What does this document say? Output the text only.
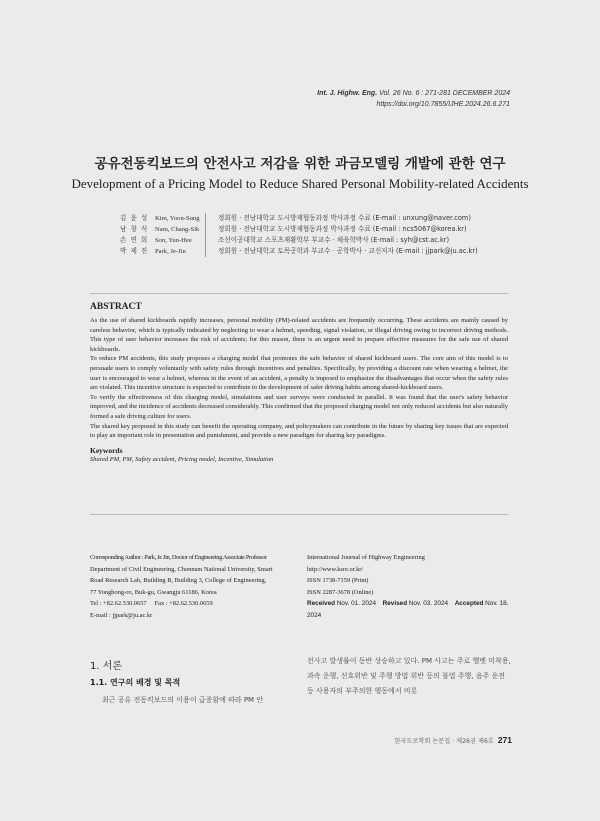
Int. J. Highw. Eng. Vol. 26 No. 6 : 271-281 DECEMBER 2024
https://doi.org/10.7855/IJHE.2024.26.6.271
공유전동킥보드의 안전사고 저감을 위한 과금모델링 개발에 관한 연구
Development of a Pricing Model to Reduce Shared Personal Mobility-related Accidents
김 윤 성	Kim, Yoon-Sung	정회원 · 전남대학교 도시방재협동과정 박사과정 수료 (E-mail : unxung@naver.com)
남 창 식	Nam, Chang-Sik	정회원 · 전남대학교 도시방재협동과정 박사과정 수료 (E-mail : ncs5067@korea.kr)
손 연 희	Son, Yun-Hee	조선이공대학교 스포츠재활학부 부교수 · 체육학박사 (E-mail : syh@cst.ac.kr)
박 제 진	Park, Je-Jin	정회원 · 전남대학교 토목공학과 부교수 · 공학박사 · 교신저자 (E-mail : jjpark@ju.ac.kr)
ABSTRACT

As the use of shared kickboards rapidly increases, personal mobility (PM)-related accidents are frequently occurring. These accidents are mainly caused by careless behavior, which is typically indicated by neglecting to wear a helmet, speeding, signal violation, or illegal driving owing to incorrect driving methods. This type of user behavior increases the risk of accidents; for this reason, there is an urgent need to prepare effective measures for the safe use of shared kickboards.

To reduce PM accidents, this study proposes a charging model that promotes the safe behavior of shared kickboard users. The core aim of this model is to persuade users to comply voluntarily with safety rules through incentives and penalties. Specifically, by providing a discount rate when wearing a helmet, the user is encouraged to wear a helmet, whereas in the event of an accident, a penalty is imposed to emphasize the disadvantages that occur when the safety rules are violated. This incentive structure is expected to contribute to the development of safer driving habits among shared-kickboard users.

To verify the effectiveness of this charging model, simulations and user surveys were conducted in parallel. It was found that the user's safety behavior improved, and the incidence of accidents decreased considerably. This confirmed that the proposed charging model not only reduced accidents but also naturally formed a safe driving culture for users.

The shared key proposed in this study can benefit the operating company, and policymakers can contribute in the future by sharing key issues that are expected to play an important role in presentation and punishment, and provide a new paradigm for sharing key paradigms.

Keywords
Shared PM, PM, Safety accident, Pricing model, Incentive, Simulation
Corresponding Author : Park, Je Jin, Doctor of Engineering Associate Professor
Department of Civil Engineering, Chonnam National University, Smart
Road Research Lab, Building B, Building 3, College of Engineering,
77 Yongbong-ro, Buk-gu, Gwangju 61186, Korea
Tel : +82.62.530.0657     Fax : +82.62.530.0659
E-mail : jjpark@ju.ac.kr
International Journal of Highway Engineering
http://www.ksre.or.kr/
ISSN 1738-7159 (Print)
ISSN 2287-3678 (Online)
Received Nov. 01. 2024 Revised Nov. 03. 2024 Accepted Nov. 18. 2024
1. 서론
1.1. 연구의 배경 및 목적
최근 공유 전동킥보드의 이용이 급증함에 따라 PM 안
전사고 발생률이 동반 상승하고 있다. PM 사고는 주로 헬멧 미착용, 과속 운행, 신호위반 및 주행 방법 위반 등의 불법 주행, 음주 운전 등 사용자의 부주의한 행동에서 비롯
한국도로학회 논문집 · 제26권 제6호 271
